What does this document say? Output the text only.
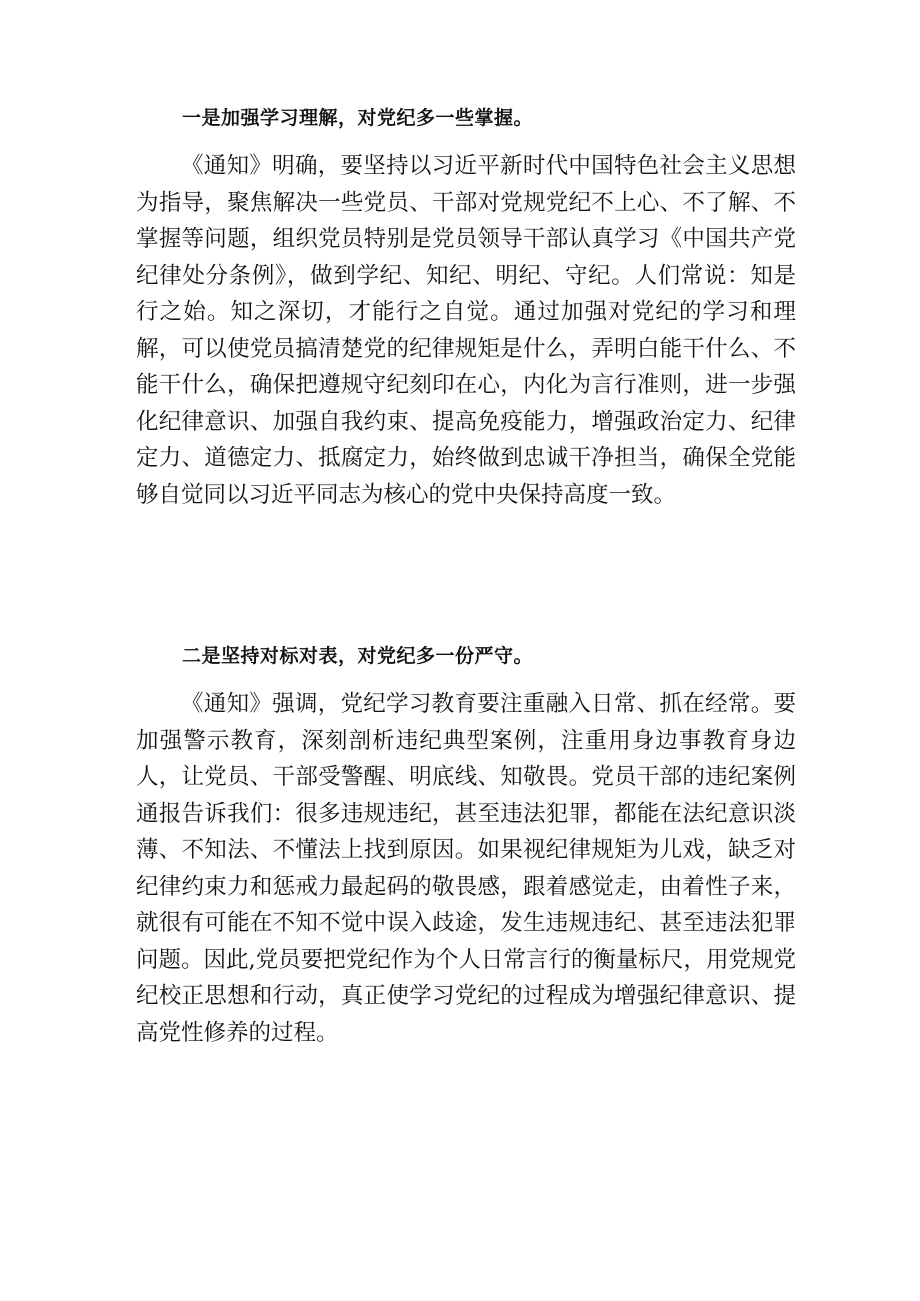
一是加强学习理解，对党纪多一些掌握。

《通知》明确，要坚持以习近平新时代中国特色社会主义思想为指导，聚焦解决一些党员、干部对党规党纪不上心、不了解、不掌握等问题，组织党员特别是党员领导干部认真学习《中国共产党纪律处分条例》，做到学纪、知纪、明纪、守纪。人们常说：知是行之始。知之深切，才能行之自觉。通过加强对党纪的学习和理解，可以使党员搞清楚党的纪律规矩是什么，弄明白能干什么、不能干什么，确保把遵规守纪刻印在心，内化为言行准则，进一步强化纪律意识、加强自我约束、提高免疫能力，增强政治定力、纪律定力、道德定力、抵腐定力，始终做到忠诚干净担当，确保全党能够自觉同以习近平同志为核心的党中央保持高度一致。

二是坚持对标对表，对党纪多一份严守。

《通知》强调，党纪学习教育要注重融入日常、抓在经常。要加强警示教育，深刻剖析违纪典型案例，注重用身边事教育身边人，让党员、干部受警醒、明底线、知敬畏。党员干部的违纪案例通报告诉我们：很多违规违纪，甚至违法犯罪，都能在法纪意识淡薄、不知法、不懂法上找到原因。如果视纪律规矩为儿戏，缺乏对纪律约束力和惩戒力最起码的敬畏感，跟着感觉走，由着性子来，就很有可能在不知不觉中误入歧途，发生违规违纪、甚至违法犯罪问题。因此,党员要把党纪作为个人日常言行的衡量标尺，用党规党纪校正思想和行动，真正使学习党纪的过程成为增强纪律意识、提高党性修养的过程。
